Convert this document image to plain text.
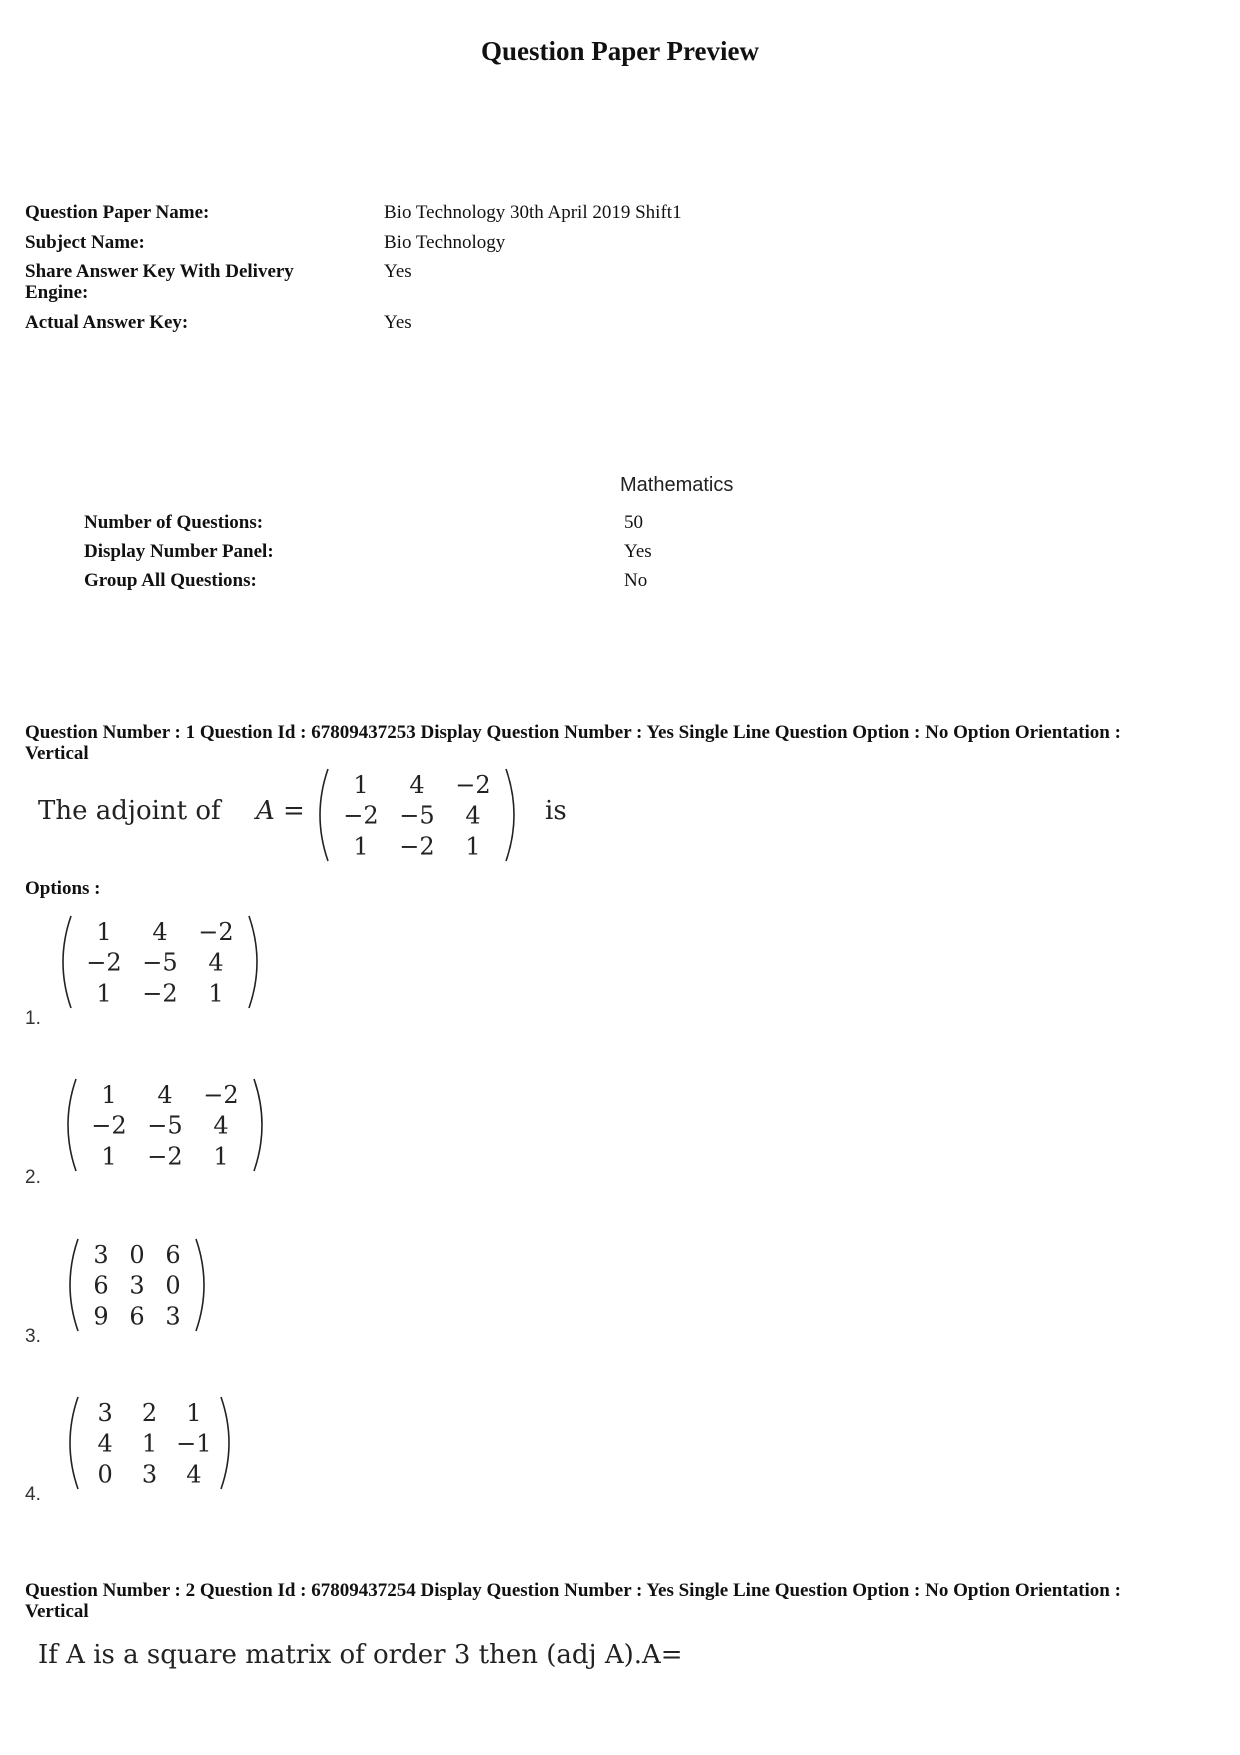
Question Paper Preview
Question Paper Name:	Bio Technology 30th April 2019 Shift1
Subject Name:	Bio Technology
Share Answer Key With Delivery Engine:
Yes
Actual Answer Key:	Yes
Mathematics
Number of Questions:	50
Display Number Panel:	Yes
Group All Questions:	No
Question Number : 1 Question Id : 67809437253 Display Question Number : Yes Single Line Question Option : No Option Orientation : Vertical
The adjoint of A =
1 4 −2
−2 −5 4
1 −2 1
is
Options :
1 4 −2
−2 −5 4
1 −2 1
1.
1 4 −2
−2 −5 4
1 −2 1
2.
3 0 6
6 3 0
9 6 3
3.
3 2 1
4 1 −1
0 3 4
4.
Question Number : 2 Question Id : 67809437254 Display Question Number : Yes Single Line Question Option : No Option Orientation : Vertical
If A is a square matrix of order 3 then (adj A).A=
